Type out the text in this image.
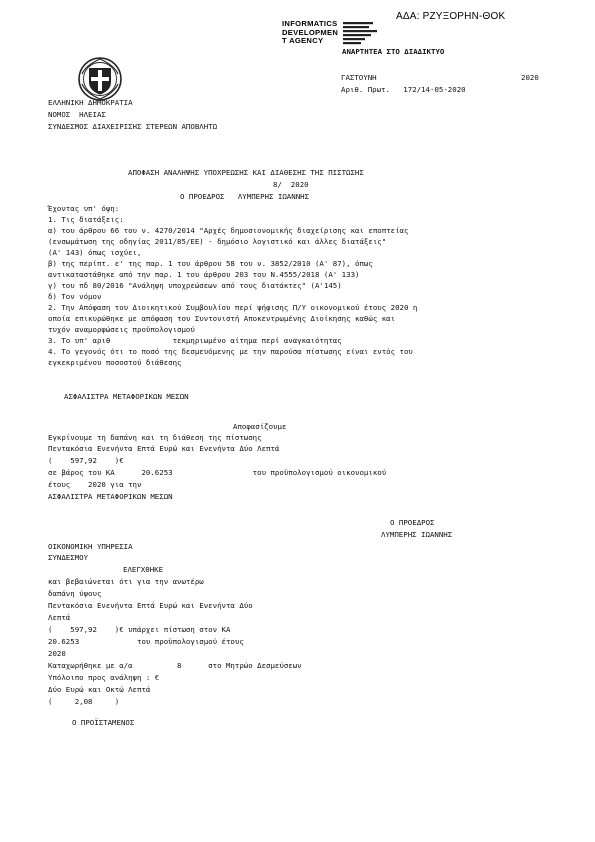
ΑΔΑ: ΡΖΥΞΟΡΗΝ-ΘΟΚ
INFORMATICS
DEVELOPMEN
T AGENCY
ΑΝΑΡΤΗΤΕΑ ΣΤΟ ΔΙΑΔΙΚΤΥΟ
ΓΑΣΤΟΥΝΗ	2020
Αριθ. Πρωτ.   172/14-05-2020
ΕΛΛΗΝΙΚΗ ΔΗΜΟΚΡΑΤΙΑ
ΝΟΜΟΣ  ΗΛΕΙΑΣ
ΣΥΝΔΕΣΜΟΣ ΔΙΑΧΕΙΡΙΣΗΣ ΣΤΕΡΕΩΝ ΑΠΟΒΛΗΤΩ
ΑΠΟΦΑΣΗ ΑΝΑΛΗΨΗΣ ΥΠΟΧΡΕΩΣΗΣ ΚΑΙ ΔΙΑΘΕΣΗΣ ΤΗΣ ΠΙΣΤΩΣΗΣ
8/  2020
Ο ΠΡΟΕΔΡΟΣ   ΛΥΜΠΕΡΗΣ ΙΩΑΝΝΗΣ
Έχοντας υπ' όψη:
1. Τις διατάξεις:
α) του άρθρου 66 του ν. 4270/2014 "Αρχές δημοσιονομικής διαχείρισης και εποπτείας
(ενσωμάτωση της οδηγίας 2011/85/ΕΕ) - δημόσιο λογιστικό και άλλες διατάξεις"
(Α' 143) όπως ισχύει,
β) της περίπτ. ε' της παρ. 1 του άρθρου 58 του ν. 3852/2010 (Α' 87), όπως
αντικαταστάθηκε από την παρ. 1 του άρθρου 203 του Ν.4555/2018 (Α' 133)
γ) του πδ 80/2016 "Ανάληψη υποχρεώσεων από τους διατάκτες" (Α'145)
δ) Τον νόμον
2. Την Απόφαση του Διοικητικού Συμβουλίου περί ψήφισης Π/Υ οικονομικού έτους 2020 η
οποία επικυρώθηκε με απόφαση του Συντονιστή Αποκεντρωμένης Διοίκησης καθώς και
τυχόν αναμορφώσεις προϋπολογισμού
3. Το υπ' αριθ              τεκμηριωμένο αίτημα περί αναγκαιότητας
4. Το γεγονός ότι το ποσό της δεσμευόμενης με την παρούσα πίστωσης είναι εντός του
εγκεκριμένου ποσοστού διάθεσης
ΑΣΦΑΛΙΣΤΡΑ ΜΕΤΑΦΟΡΙΚΩΝ ΜΕΣΩΝ
Αποφασίζουμε
Εγκρίνουμε τη δαπάνη και τη διάθεση της πίστωσης
Πεντακόσια Ενενήντα Επτά Ευρώ και Ενενήντα Δύο Λεπτά
(    597,92    )€
σε βάρος του ΚΑ      20.6253                  του προϋπολογισμού οικονομικού
έτους    2020 για την
ΑΣΦΑΛΙΣΤΡΑ ΜΕΤΑΦΟΡΙΚΩΝ ΜΕΣΩΝ
Ο ΠΡΟΕΔΡΟΣ
ΛΥΜΠΕΡΗΣ ΙΩΑΝΝΗΣ
ΟΙΚΟΝΟΜΙΚΗ ΥΠΗΡΕΣΙΑ
ΣΥΝΔΕΣΜΟΥ
ΕΛΕΓΧΘΗΚΕ
και βεβαιώνεται ότι για την ανωτέρω
δαπάνη ύψους
Πεντακόσια Ενενήντα Επτά Ευρώ και Ενενήντα Δύο
Λεπτά
(    597,92    )€ υπάρχει πίστωση στον ΚΑ
20.6253             του προϋπολογισμού έτους
2020
Καταχωρήθηκε με α/α          8      στο Μητρώο Δεσμεύσεων
Υπόλοιπο προς ανάληψη : €
Δύο Ευρώ και Οκτώ Λεπτά
(     2,08     )
Ο ΠΡΟΪΣΤΑΜΕΝΟΣ
